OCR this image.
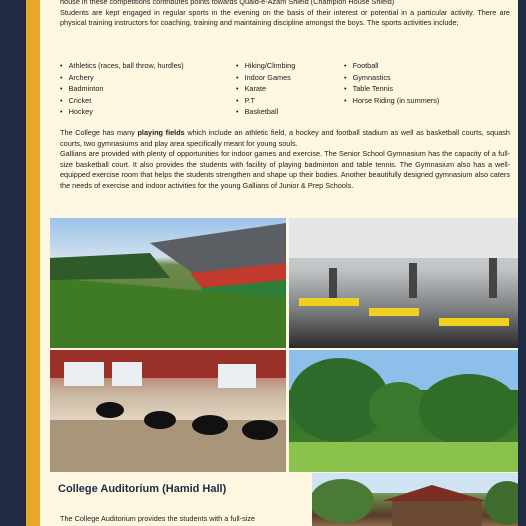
house in these competitions contributes points towards Quaid-e-Azam Shield (Champion House Shield)

Students are kept engaged in regular sports in the evening on the basis of their interest or potential in a particular activity. There are physical training instructors for coaching, training and maintaining discipline amongst the boys. The sports activities include;

• Athletics (races, ball throw, hurdles)
• Archery
• Badminton
• Cricket
• Hockey
• Hiking/Climbing
• Indoor Games
• Karate
• P.T
• Basketball
• Football
• Gymnastics
• Table Tennis
• Horse Riding (in summers)

The College has many playing fields which include an athletic field, a hockey and football stadium as well as basketball courts, squash courts, two gymnasiums and play area specifically meant for young souls.

Gallians are provided with plenty of opportunities for indoor games and exercise. The Senior School Gymnasium has the capacity of a full-size basketball court. It also provides the students with facility of playing badminton and table tennis. The Gymnasium also has a well-equipped exercise room that helps the students strengthen and shape up their bodies. Another beautifully designed gymnasium also caters the needs of exercise and indoor activities for the young Gallians of Junior & Prep Schools.

College Auditorium (Hamid Hall)
The College Auditorium provides the students with a full-size
